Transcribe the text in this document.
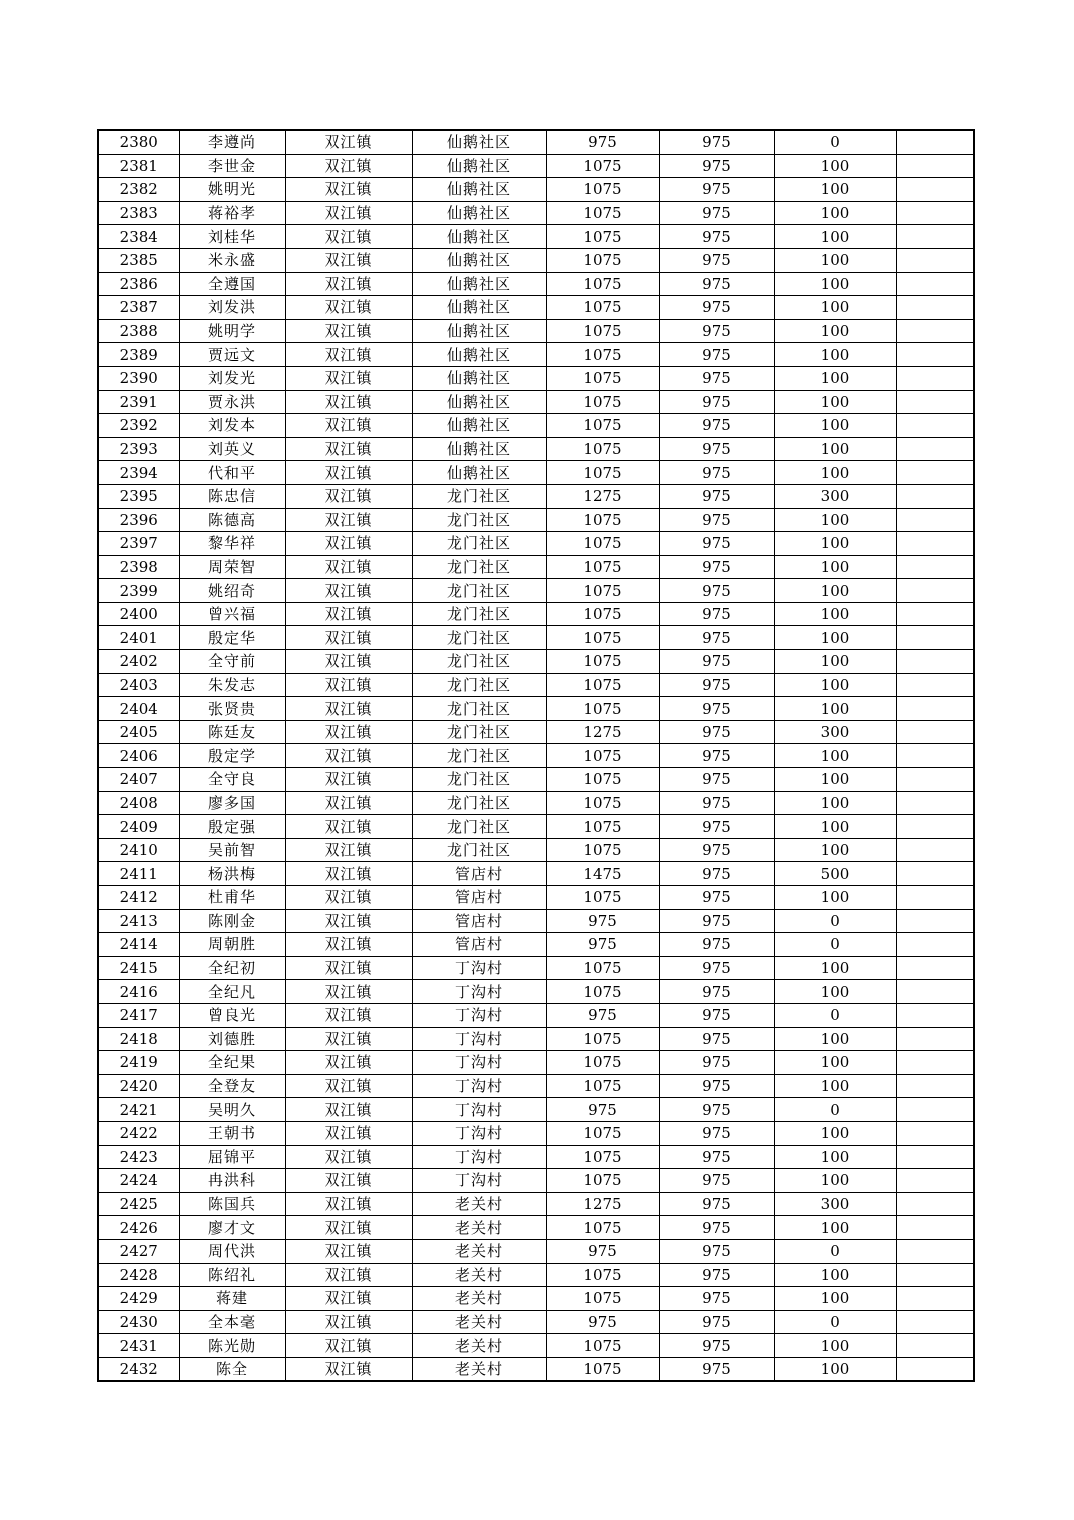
2380	李遵尚	双江镇	仙鹅社区	975	975	0	
2381	李世金	双江镇	仙鹅社区	1075	975	100	
2382	姚明光	双江镇	仙鹅社区	1075	975	100	
2383	蒋裕孝	双江镇	仙鹅社区	1075	975	100	
2384	刘桂华	双江镇	仙鹅社区	1075	975	100	
2385	米永盛	双江镇	仙鹅社区	1075	975	100	
2386	全遵国	双江镇	仙鹅社区	1075	975	100	
2387	刘发洪	双江镇	仙鹅社区	1075	975	100	
2388	姚明学	双江镇	仙鹅社区	1075	975	100	
2389	贾远文	双江镇	仙鹅社区	1075	975	100	
2390	刘发光	双江镇	仙鹅社区	1075	975	100	
2391	贾永洪	双江镇	仙鹅社区	1075	975	100	
2392	刘发本	双江镇	仙鹅社区	1075	975	100	
2393	刘英义	双江镇	仙鹅社区	1075	975	100	
2394	代和平	双江镇	仙鹅社区	1075	975	100	
2395	陈忠信	双江镇	龙门社区	1275	975	300	
2396	陈德高	双江镇	龙门社区	1075	975	100	
2397	黎华祥	双江镇	龙门社区	1075	975	100	
2398	周荣智	双江镇	龙门社区	1075	975	100	
2399	姚绍奇	双江镇	龙门社区	1075	975	100	
2400	曾兴福	双江镇	龙门社区	1075	975	100	
2401	殷定华	双江镇	龙门社区	1075	975	100	
2402	全守前	双江镇	龙门社区	1075	975	100	
2403	朱发志	双江镇	龙门社区	1075	975	100	
2404	张贤贵	双江镇	龙门社区	1075	975	100	
2405	陈廷友	双江镇	龙门社区	1275	975	300	
2406	殷定学	双江镇	龙门社区	1075	975	100	
2407	全守良	双江镇	龙门社区	1075	975	100	
2408	廖多国	双江镇	龙门社区	1075	975	100	
2409	殷定强	双江镇	龙门社区	1075	975	100	
2410	吴前智	双江镇	龙门社区	1075	975	100	
2411	杨洪梅	双江镇	管店村	1475	975	500	
2412	杜甫华	双江镇	管店村	1075	975	100	
2413	陈刚金	双江镇	管店村	975	975	0	
2414	周朝胜	双江镇	管店村	975	975	0	
2415	全纪初	双江镇	丁沟村	1075	975	100	
2416	全纪凡	双江镇	丁沟村	1075	975	100	
2417	曾良光	双江镇	丁沟村	975	975	0	
2418	刘德胜	双江镇	丁沟村	1075	975	100	
2419	全纪果	双江镇	丁沟村	1075	975	100	
2420	全登友	双江镇	丁沟村	1075	975	100	
2421	吴明久	双江镇	丁沟村	975	975	0	
2422	王朝书	双江镇	丁沟村	1075	975	100	
2423	屈锦平	双江镇	丁沟村	1075	975	100	
2424	冉洪科	双江镇	丁沟村	1075	975	100	
2425	陈国兵	双江镇	老关村	1275	975	300	
2426	廖才文	双江镇	老关村	1075	975	100	
2427	周代洪	双江镇	老关村	975	975	0	
2428	陈绍礼	双江镇	老关村	1075	975	100	
2429	蒋建	双江镇	老关村	1075	975	100	
2430	全本毫	双江镇	老关村	975	975	0	
2431	陈光勋	双江镇	老关村	1075	975	100	
2432	陈全	双江镇	老关村	1075	975	100	
